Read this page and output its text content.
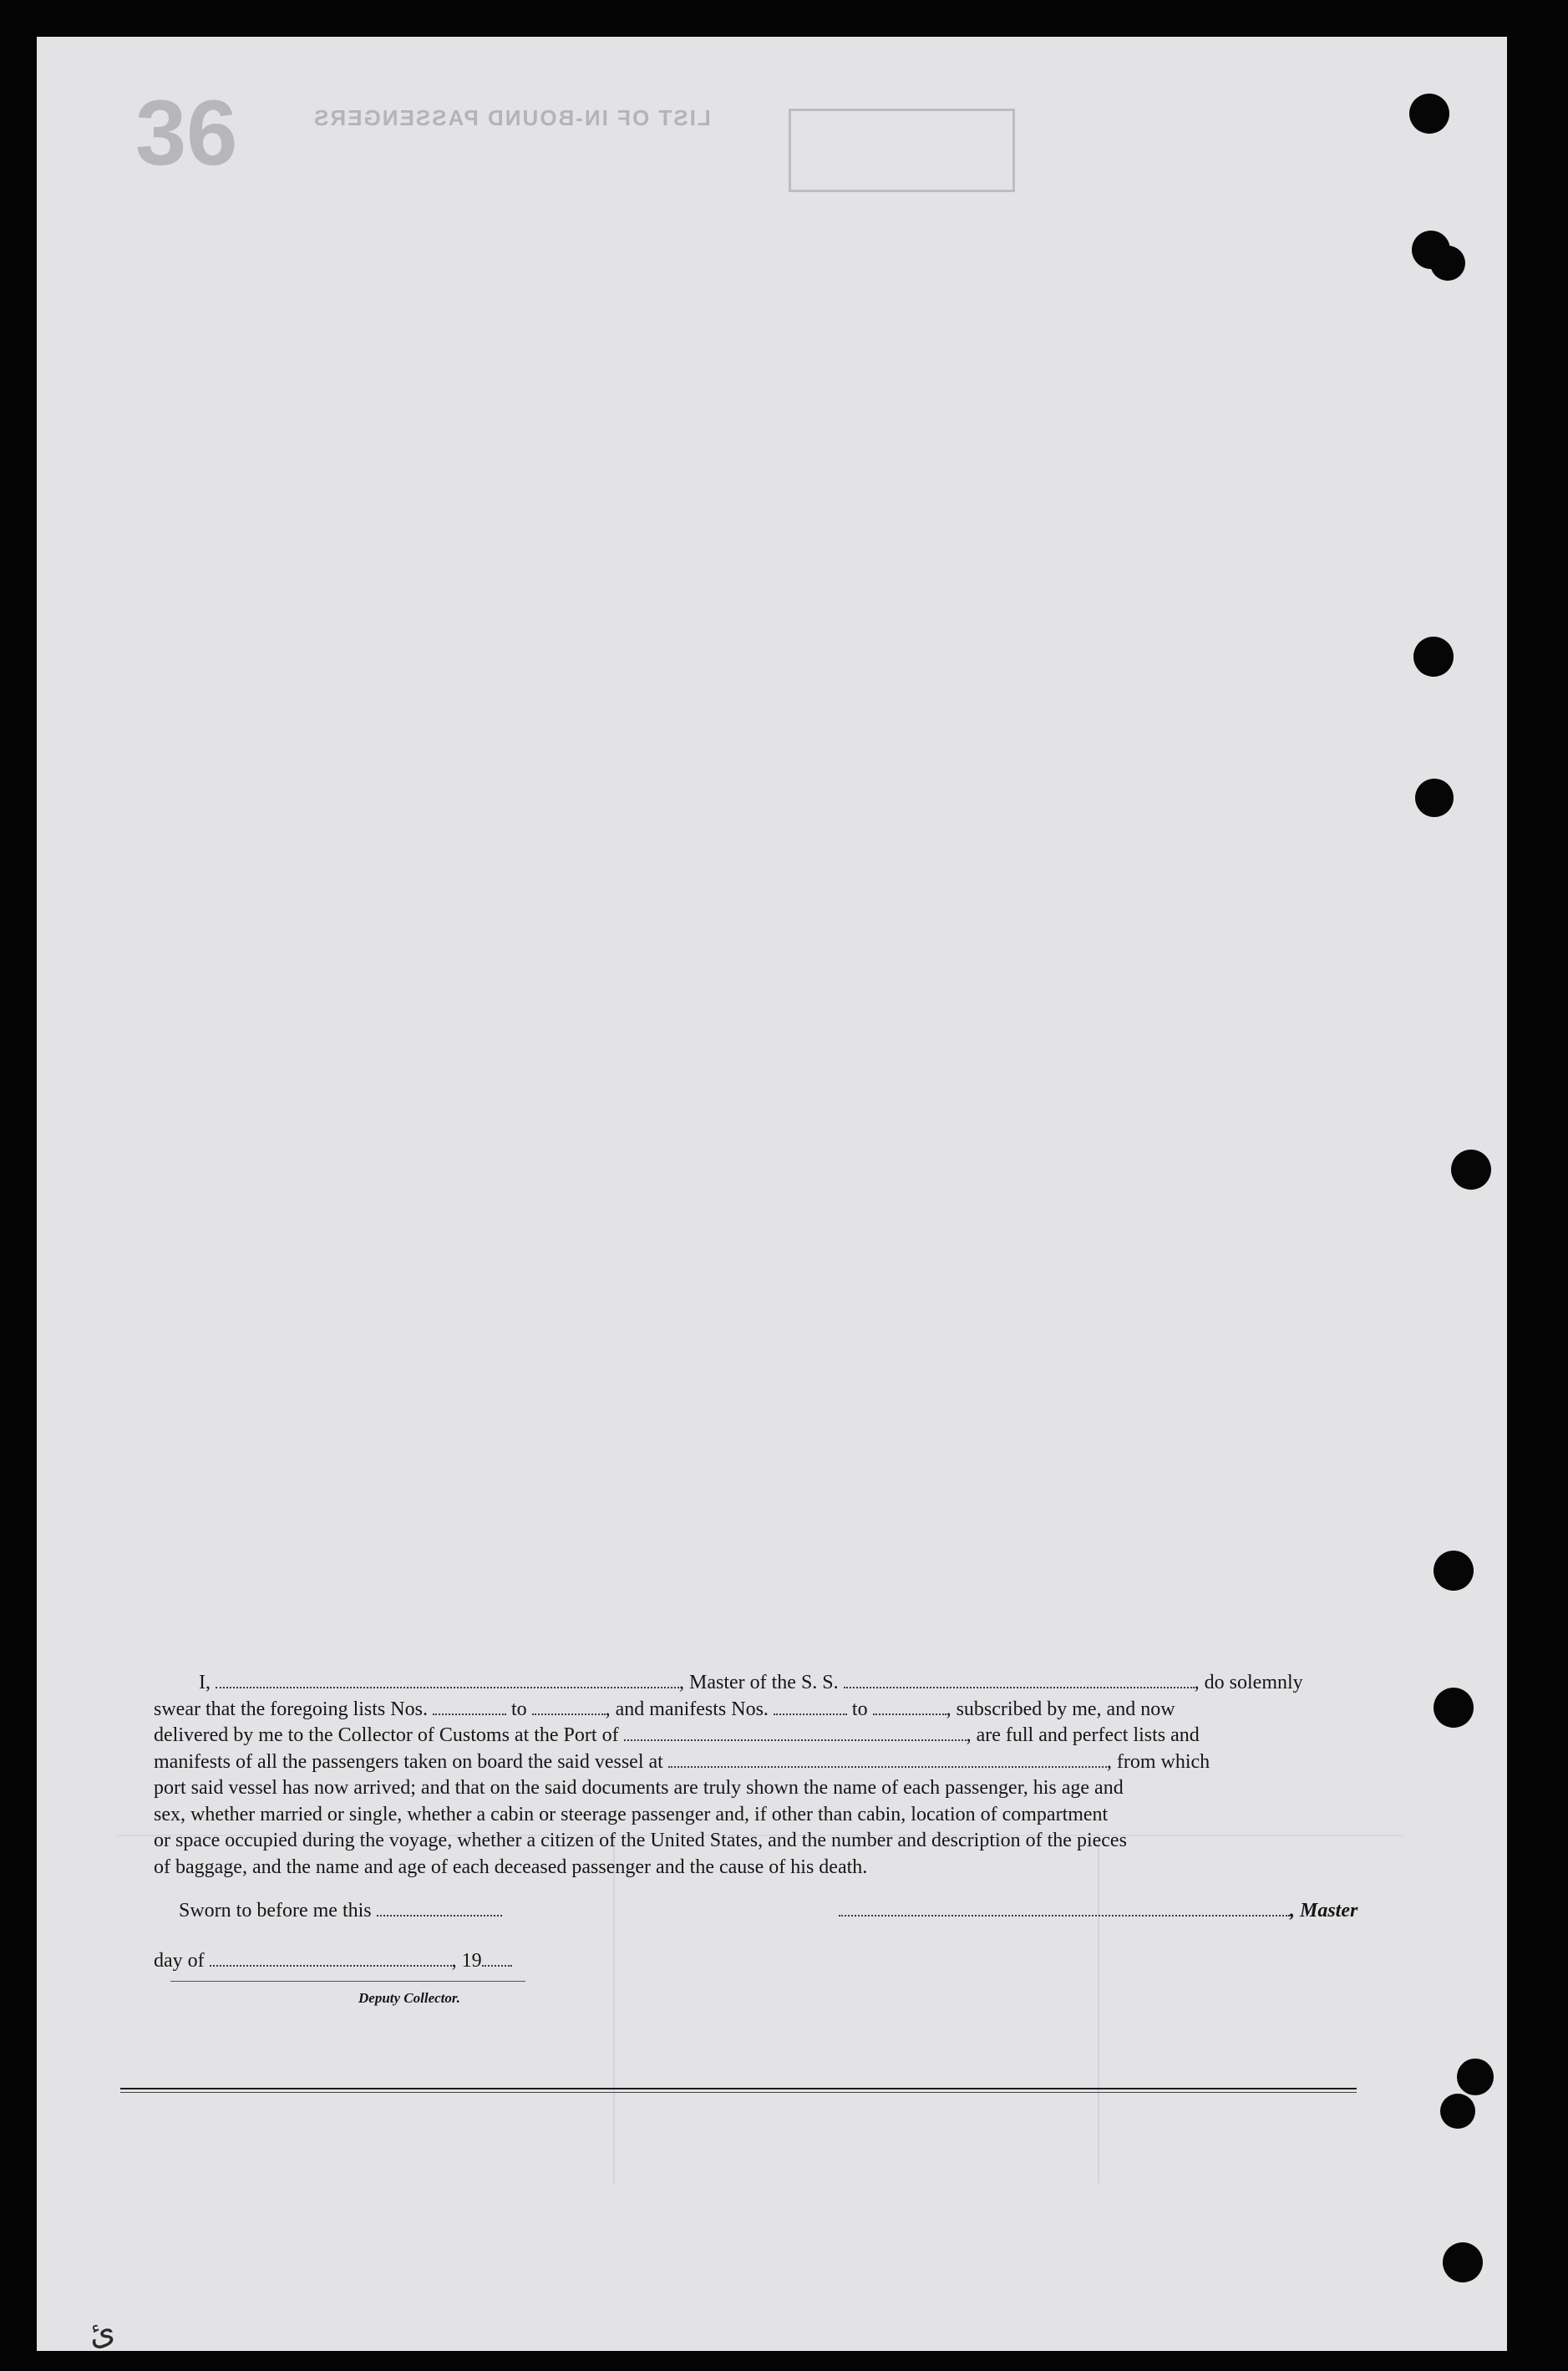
36	LIST OF IN-BOUND PASSENGERS
I,	, Master of the S. S.	, do solemnly
swear that the foregoing lists Nos.	to	, and manifests Nos.	to	, subscribed by me, and now
delivered by me to the Collector of Customs at the Port of	, are full and perfect lists and
manifests of all the passengers taken on board the said vessel at	, from which
port said vessel has now arrived; and that on the said documents are truly shown the name of each passenger, his age and
sex, whether married or single, whether a cabin or steerage passenger and, if other than cabin, location of compartment
or space occupied during the voyage, whether a citizen of the United States, and the number and description of the pieces
of baggage, and the name and age of each deceased passenger and the cause of his death.
Sworn to before me this	, Master
day of	, 19
Deputy Collector.
ئ
